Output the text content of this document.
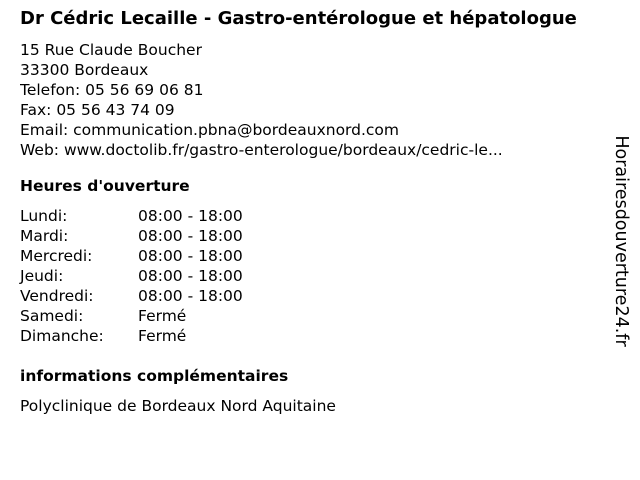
Dr Cédric Lecaille - Gastro-entérologue et hépatologue
15 Rue Claude Boucher
33300 Bordeaux
Telefon: 05 56 69 06 81
Fax: 05 56 43 74 09
Email: communication.pbna@bordeauxnord.com
Web: www.doctolib.fr/gastro-enterologue/bordeaux/cedric-le...
Heures d'ouverture
Lundi:	08:00 - 18:00
Mardi:	08:00 - 18:00
Mercredi:	08:00 - 18:00
Jeudi:	08:00 - 18:00
Vendredi:	08:00 - 18:00
Samedi:	Fermé
Dimanche:	Fermé
informations complémentaires
Polyclinique de Bordeaux Nord Aquitaine
Horairesdouverture24.fr
